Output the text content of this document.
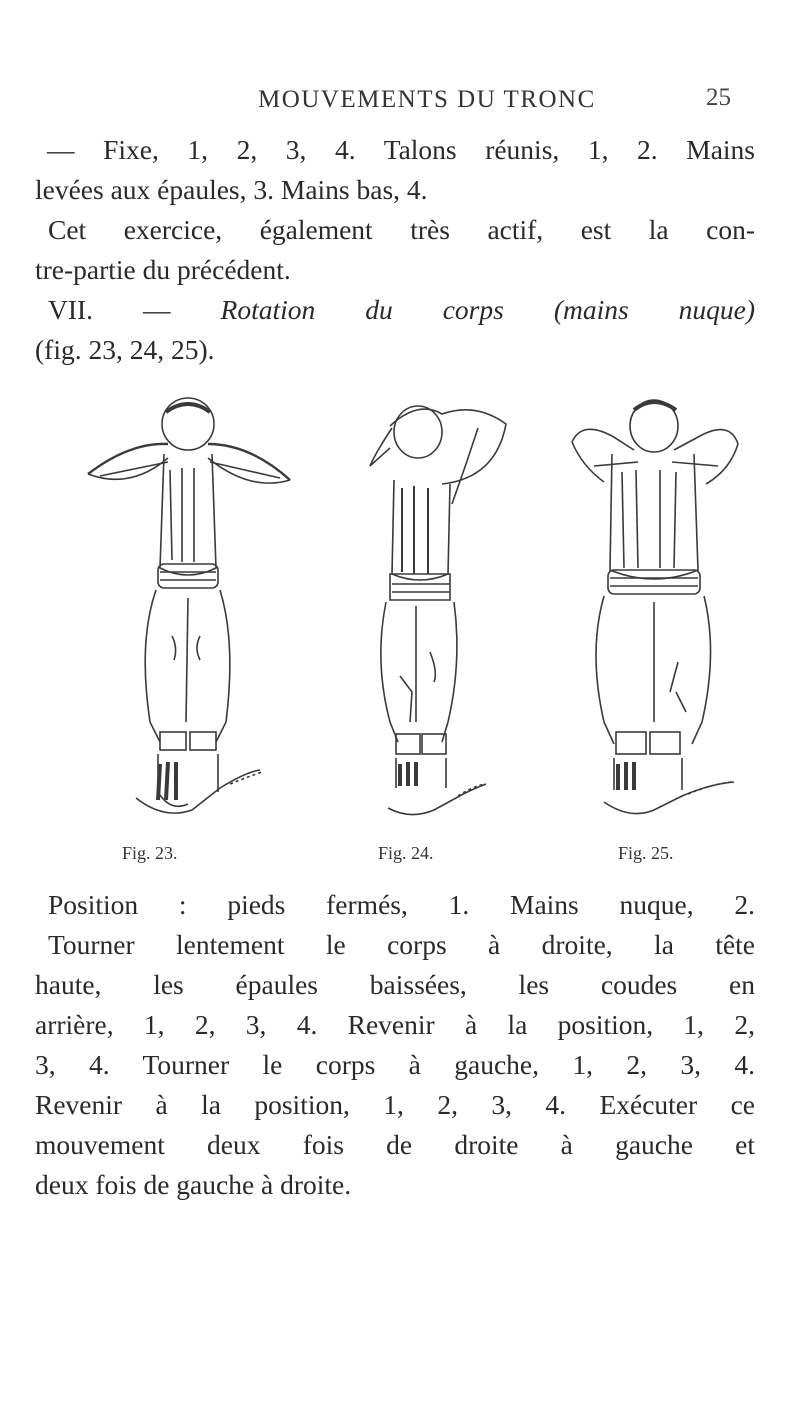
MOUVEMENTS DU TRONC	25
— Fixe, 1, 2, 3, 4. Talons réunis, 1, 2. Mains
levées aux épaules, 3. Mains bas, 4.
Cet exercice, également très actif, est la con-
tre-partie du précédent.
VII. — Rotation du corps (mains nuque)
(fig. 23, 24, 25).
Fig. 23.	Fig. 24.	Fig. 25.
Position : pieds fermés, 1. Mains nuque, 2.
Tourner lentement le corps à droite, la tête
haute, les épaules baissées, les coudes en
arrière, 1, 2, 3, 4. Revenir à la position, 1, 2,
3, 4. Tourner le corps à gauche, 1, 2, 3, 4.
Revenir à la position, 1, 2, 3, 4. Exécuter ce
mouvement deux fois de droite à gauche et
deux fois de gauche à droite.
